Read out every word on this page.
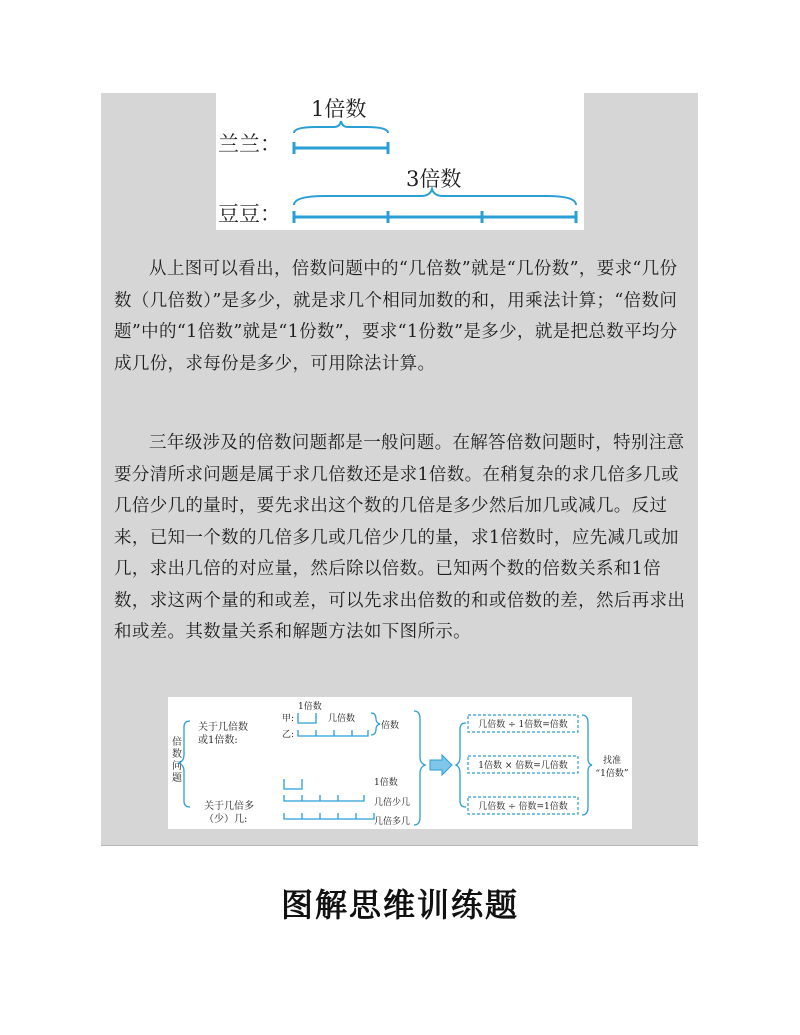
1倍数
兰兰：
3倍数
豆豆：

从上图可以看出，倍数问题中的“几倍数”就是“几份数”，要求“几份数（几倍数）”是多少，就是求几个相同加数的和，用乘法计算；“倍数问题”中的“1倍数”就是“1份数”，要求“1份数”是多少，就是把总数平均分成几份，求每份是多少，可用除法计算。

三年级涉及的倍数问题都是一般问题。在解答倍数问题时，特别注意要分清所求问题是属于求几倍数还是求1倍数。在稍复杂的求几倍多几或几倍少几的量时，要先求出这个数的几倍是多少然后加几或减几。反过来，已知一个数的几倍多几或几倍少几的量，求1倍数时，应先减几或加几，求出几倍的对应量，然后除以倍数。已知两个数的倍数关系和1倍数，求这两个量的和或差，可以先求出倍数的和或倍数的差，然后再求出和或差。其数量关系和解题方法如下图所示。

倍数问题
关于几倍数
或1倍数:
1倍数
甲:
乙:
几倍数
倍数
关于几倍多
（少）几:
1倍数
几倍少几
几倍多几
几倍数 ÷ 1倍数=倍数
1倍数 × 倍数=几倍数
几倍数 ÷ 倍数=1倍数
找准
“1倍数”
图解思维训练题
